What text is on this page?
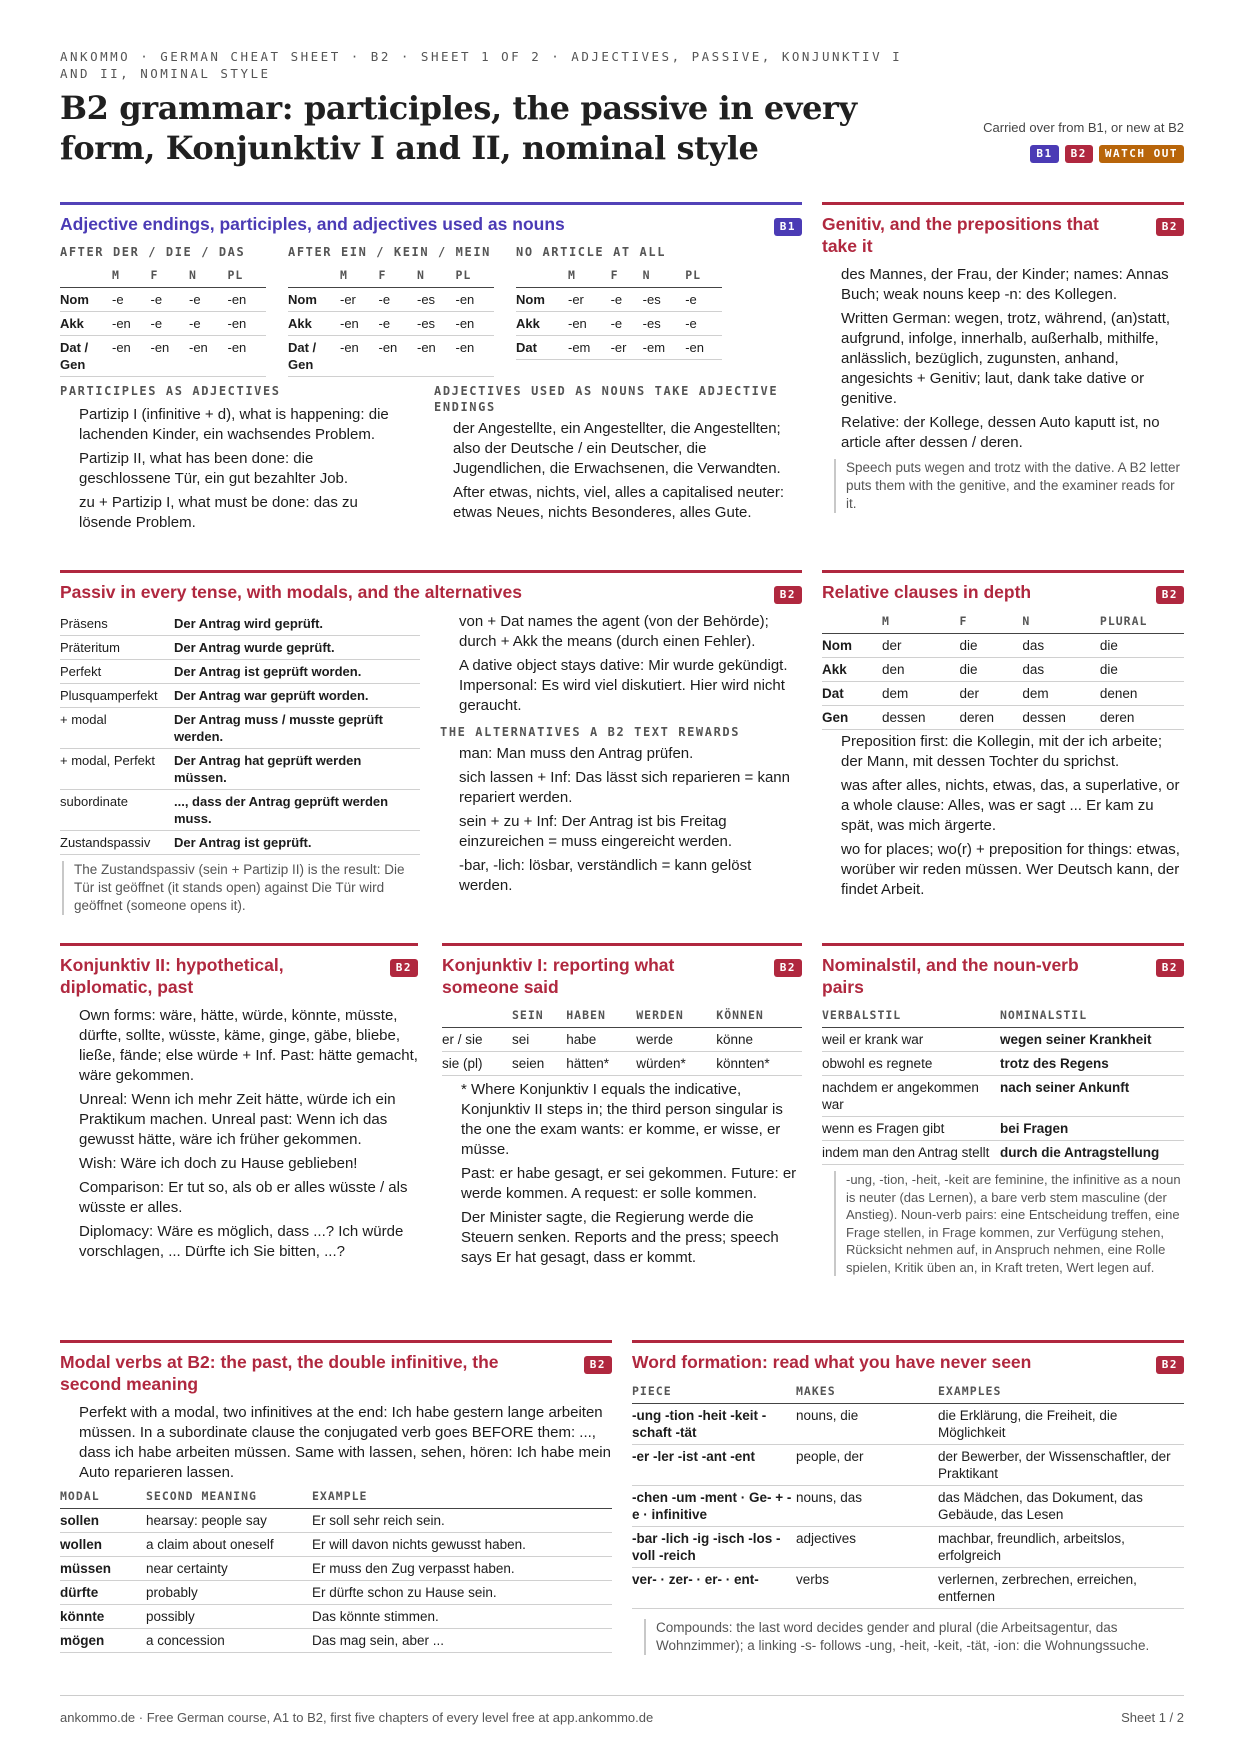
ANKOMMO · GERMAN CHEAT SHEET · B2 · SHEET 1 OF 2 · ADJECTIVES, PASSIVE, KONJUNKTIV I AND II, NOMINAL STYLE
B2 grammar: participles, the passive in every form, Konjunktiv I and II, nominal style
Carried over from B1, or new at B2
B1	B2	WATCH OUT
Adjective endings, participles, and adjectives used as nouns	B1
AFTER DER / DIE / DAS
	M	F	N	PL
Nom	-e	-e	-e	-en
Akk	-en	-e	-e	-en
Dat / Gen	-en	-en	-en	-en
AFTER EIN / KEIN / MEIN
	M	F	N	PL
Nom	-er	-e	-es	-en
Akk	-en	-e	-es	-en
Dat / Gen	-en	-en	-en	-en
NO ARTICLE AT ALL
	M	F	N	PL
Nom	-er	-e	-es	-e
Akk	-en	-e	-es	-e
Dat	-em	-er	-em	-en
PARTICIPLES AS ADJECTIVES

Partizip I (infinitive + d), what is happening: die lachenden Kinder, ein wachsendes Problem.

Partizip II, what has been done: die geschlossene Tür, ein gut bezahlter Job.

zu + Partizip I, what must be done: das zu lösende Problem.

ADJECTIVES USED AS NOUNS TAKE ADJECTIVE ENDINGS

der Angestellte, ein Angestellter, die Angestellten; also der Deutsche / ein Deutscher, die Jugendlichen, die Erwachsenen, die Verwandten.

After etwas, nichts, viel, alles a capitalised neuter: etwas Neues, nichts Besonderes, alles Gute.

Genitiv, and the prepositions that take it
B2

des Mannes, der Frau, der Kinder; names: Annas Buch; weak nouns keep -n: des Kollegen.

Written German: wegen, trotz, während, (an)statt, aufgrund, infolge, innerhalb, außerhalb, mithilfe, anlässlich, bezüglich, zugunsten, anhand, angesichts + Genitiv; laut, dank take dative or genitive.

Relative: der Kollege, dessen Auto kaputt ist, no article after dessen / deren.

Speech puts wegen and trotz with the dative. A B2 letter puts them with the genitive, and the examiner reads for it.
Passiv in every tense, with modals, and the alternatives	B2
Präsens	Der Antrag wird geprüft.
Präteritum	Der Antrag wurde geprüft.
Perfekt	Der Antrag ist geprüft worden.
Plusquamperfekt	Der Antrag war geprüft worden.
+ modal	Der Antrag muss / musste geprüft werden.
+ modal, Perfekt	Der Antrag hat geprüft werden müssen.
subordinate	..., dass der Antrag geprüft werden muss.
Zustandspassiv	Der Antrag ist geprüft.
The Zustandspassiv (sein + Partizip II) is the result: Die Tür ist geöffnet (it stands open) against Die Tür wird geöffnet (someone opens it).

von + Dat names the agent (von der Behörde); durch + Akk the means (durch einen Fehler).

A dative object stays dative: Mir wurde gekündigt. Impersonal: Es wird viel diskutiert. Hier wird nicht geraucht.

THE ALTERNATIVES A B2 TEXT REWARDS

man: Man muss den Antrag prüfen.

sich lassen + Inf: Das lässt sich reparieren = kann repariert werden.

sein + zu + Inf: Der Antrag ist bis Freitag einzureichen = muss eingereicht werden.

-bar, -lich: lösbar, verständlich = kann gelöst werden.

Relative clauses in depth	B2
	M	F	N	PLURAL
Nom	der	die	das	die
Akk	den	die	das	die
Dat	dem	der	dem	denen
Gen	dessen	deren	dessen	deren

Preposition first: die Kollegin, mit der ich arbeite; der Mann, mit dessen Tochter du sprichst.

was after alles, nichts, etwas, das, a superlative, or a whole clause: Alles, was er sagt ... Er kam zu spät, was mich ärgerte.

wo for places; wo(r) + preposition for things: etwas, worüber wir reden müssen. Wer Deutsch kann, der findet Arbeit.

Konjunktiv II: hypothetical, diplomatic, past
B2

Own forms: wäre, hätte, würde, könnte, müsste, dürfte, sollte, wüsste, käme, ginge, gäbe, bliebe, ließe, fände; else würde + Inf. Past: hätte gemacht, wäre gekommen.

Unreal: Wenn ich mehr Zeit hätte, würde ich ein Praktikum machen. Unreal past: Wenn ich das gewusst hätte, wäre ich früher gekommen.

Wish: Wäre ich doch zu Hause geblieben!

Comparison: Er tut so, als ob er alles wüsste / als wüsste er alles.

Diplomacy: Wäre es möglich, dass ...? Ich würde vorschlagen, ... Dürfte ich Sie bitten, ...?

Konjunktiv I: reporting what someone said
B2
	SEIN	HABEN	WERDEN	KÖNNEN
er / sie	sei	habe	werde	könne
sie (pl)	seien	hätten*	würden*	könnten*

* Where Konjunktiv I equals the indicative, Konjunktiv II steps in; the third person singular is the one the exam wants: er komme, er wisse, er müsse.

Past: er habe gesagt, er sei gekommen. Future: er werde kommen. A request: er solle kommen.

Der Minister sagte, die Regierung werde die Steuern senken. Reports and the press; speech says Er hat gesagt, dass er kommt.

Nominalstil, and the noun-verb pairs
B2
VERBALSTIL	NOMINALSTIL
weil er krank war	wegen seiner Krankheit
obwohl es regnete	trotz des Regens
nachdem er angekommen war	nach seiner Ankunft
wenn es Fragen gibt	bei Fragen
indem man den Antrag stellt	durch die Antragstellung
-ung, -tion, -heit, -keit are feminine, the infinitive as a noun is neuter (das Lernen), a bare verb stem masculine (der Anstieg). Noun-verb pairs: eine Entscheidung treffen, eine Frage stellen, in Frage kommen, zur Verfügung stehen, Rücksicht nehmen auf, in Anspruch nehmen, eine Rolle spielen, Kritik üben an, in Kraft treten, Wert legen auf.
Modal verbs at B2: the past, the double infinitive, the second meaning
B2

Perfekt with a modal, two infinitives at the end: Ich habe gestern lange arbeiten müssen. In a subordinate clause the conjugated verb goes BEFORE them: ..., dass ich habe arbeiten müssen. Same with lassen, sehen, hören: Ich habe mein Auto reparieren lassen.

MODAL	SECOND MEANING	EXAMPLE
sollen	hearsay: people say	Er soll sehr reich sein.
wollen	a claim about oneself	Er will davon nichts gewusst haben.
müssen	near certainty	Er muss den Zug verpasst haben.
dürfte	probably	Er dürfte schon zu Hause sein.
könnte	possibly	Das könnte stimmen.
mögen	a concession	Das mag sein, aber ...
Word formation: read what you have never seen	B2
PIECE	MAKES	EXAMPLES
-ung -tion -heit -keit -schaft -tät	nouns, die	die Erklärung, die Freiheit, die Möglichkeit
-er -ler -ist -ant -ent	people, der	der Bewerber, der Wissenschaftler, der Praktikant
-chen -um -ment · Ge- + -e · infinitive	nouns, das	das Mädchen, das Dokument, das Gebäude, das Lesen
-bar -lich -ig -isch -los -voll -reich	adjectives	machbar, freundlich, arbeitslos, erfolgreich
ver- · zer- · er- · ent-	verbs	verlernen, zerbrechen, erreichen, entfernen
Compounds: the last word decides gender and plural (die Arbeitsagentur, das Wohnzimmer); a linking -s- follows -ung, -heit, -keit, -tät, -ion: die Wohnungssuche.
ankommo.de · Free German course, A1 to B2, first five chapters of every level free at app.ankommo.de	Sheet 1 / 2
